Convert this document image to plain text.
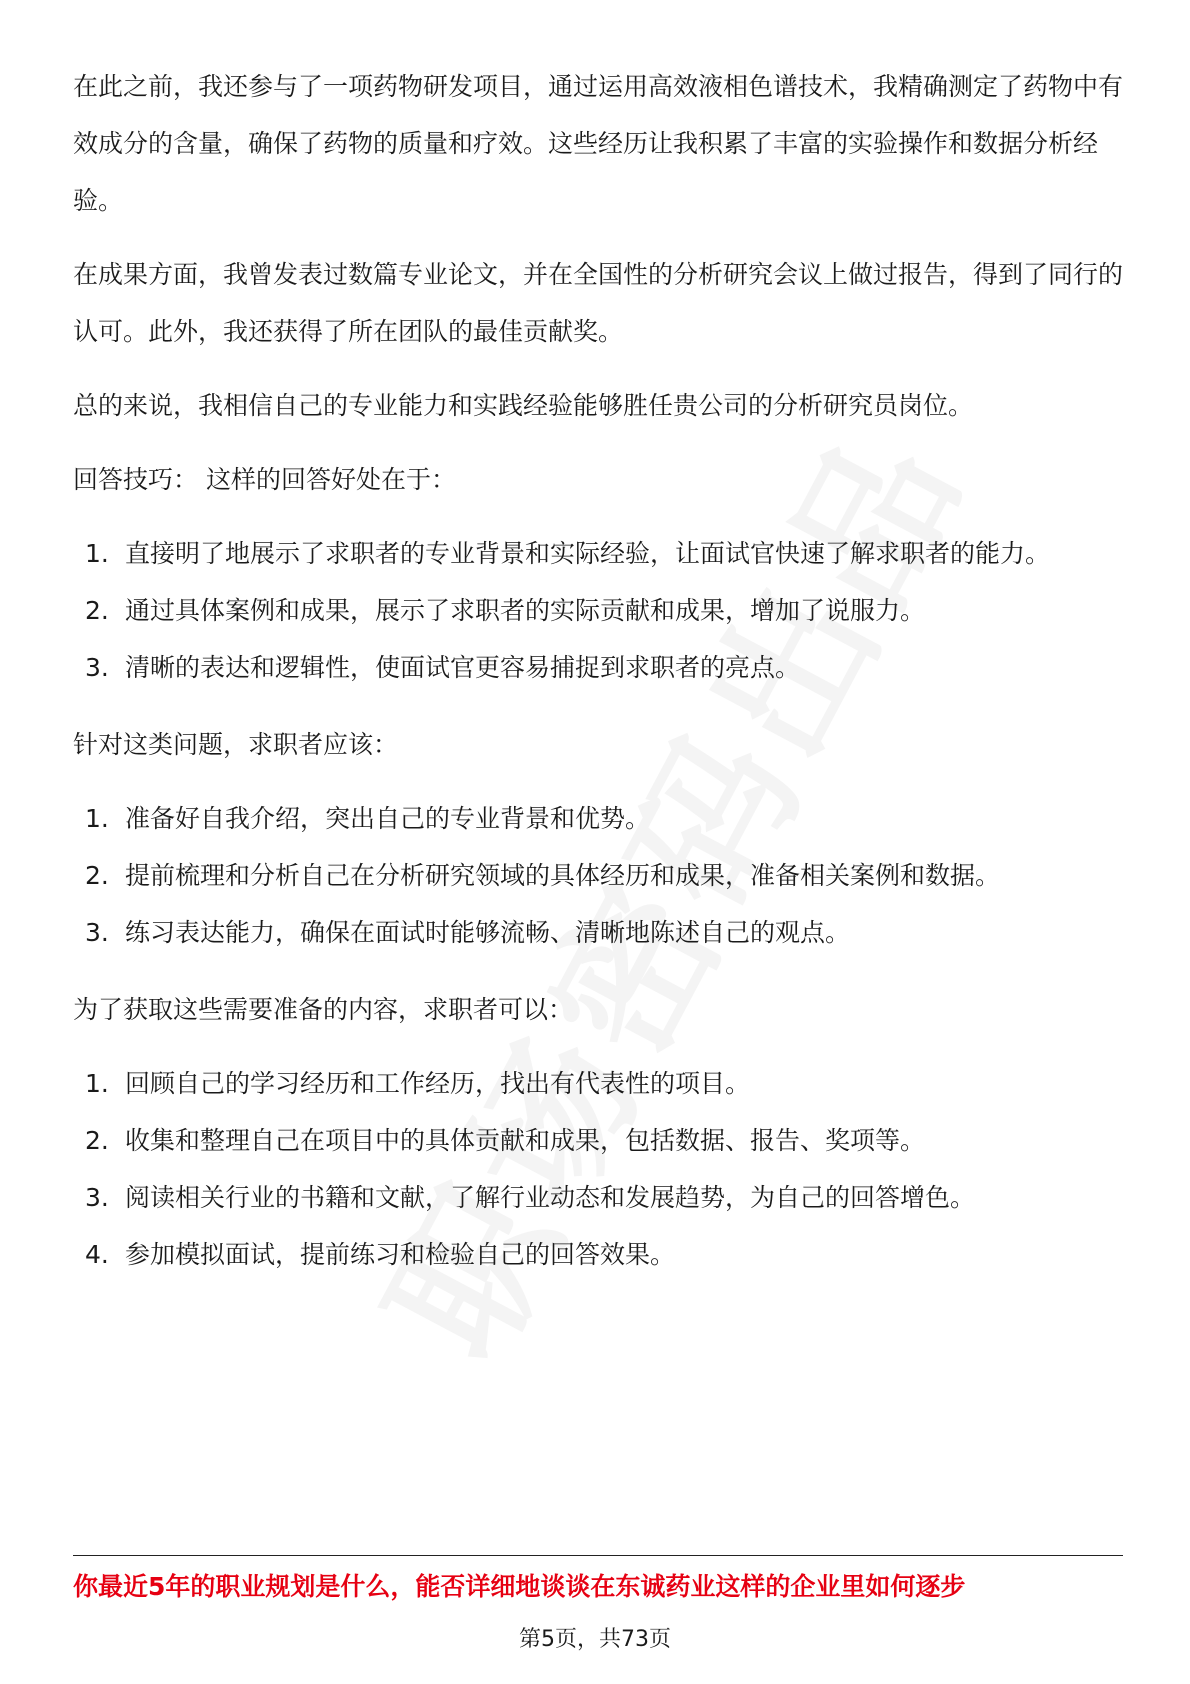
在此之前，我还参与了一项药物研发项目，通过运用高效液相色谱技术，我精确测定了药物中有效成分的含量，确保了药物的质量和疗效。这些经历让我积累了丰富的实验操作和数据分析经验。

在成果方面，我曾发表过数篇专业论文，并在全国性的分析研究会议上做过报告，得到了同行的认可。此外，我还获得了所在团队的最佳贡献奖。

总的来说，我相信自己的专业能力和实践经验能够胜任贵公司的分析研究员岗位。

回答技巧： 这样的回答好处在于：

1. 直接明了地展示了求职者的专业背景和实际经验，让面试官快速了解求职者的能力。
2. 通过具体案例和成果，展示了求职者的实际贡献和成果，增加了说服力。
3. 清晰的表达和逻辑性，使面试官更容易捕捉到求职者的亮点。

针对这类问题，求职者应该：

1. 准备好自我介绍，突出自己的专业背景和优势。
2. 提前梳理和分析自己在分析研究领域的具体经历和成果，准备相关案例和数据。
3. 练习表达能力，确保在面试时能够流畅、清晰地陈述自己的观点。

为了获取这些需要准备的内容，求职者可以：

1. 回顾自己的学习经历和工作经历，找出有代表性的项目。
2. 收集和整理自己在项目中的具体贡献和成果，包括数据、报告、奖项等。
3. 阅读相关行业的书籍和文献，了解行业动态和发展趋势，为自己的回答增色。
4. 参加模拟面试，提前练习和检验自己的回答效果。
你最近5年的职业规划是什么，能否详细地谈谈在东诚药业这样的企业里如何逐步
第5页，共73页
